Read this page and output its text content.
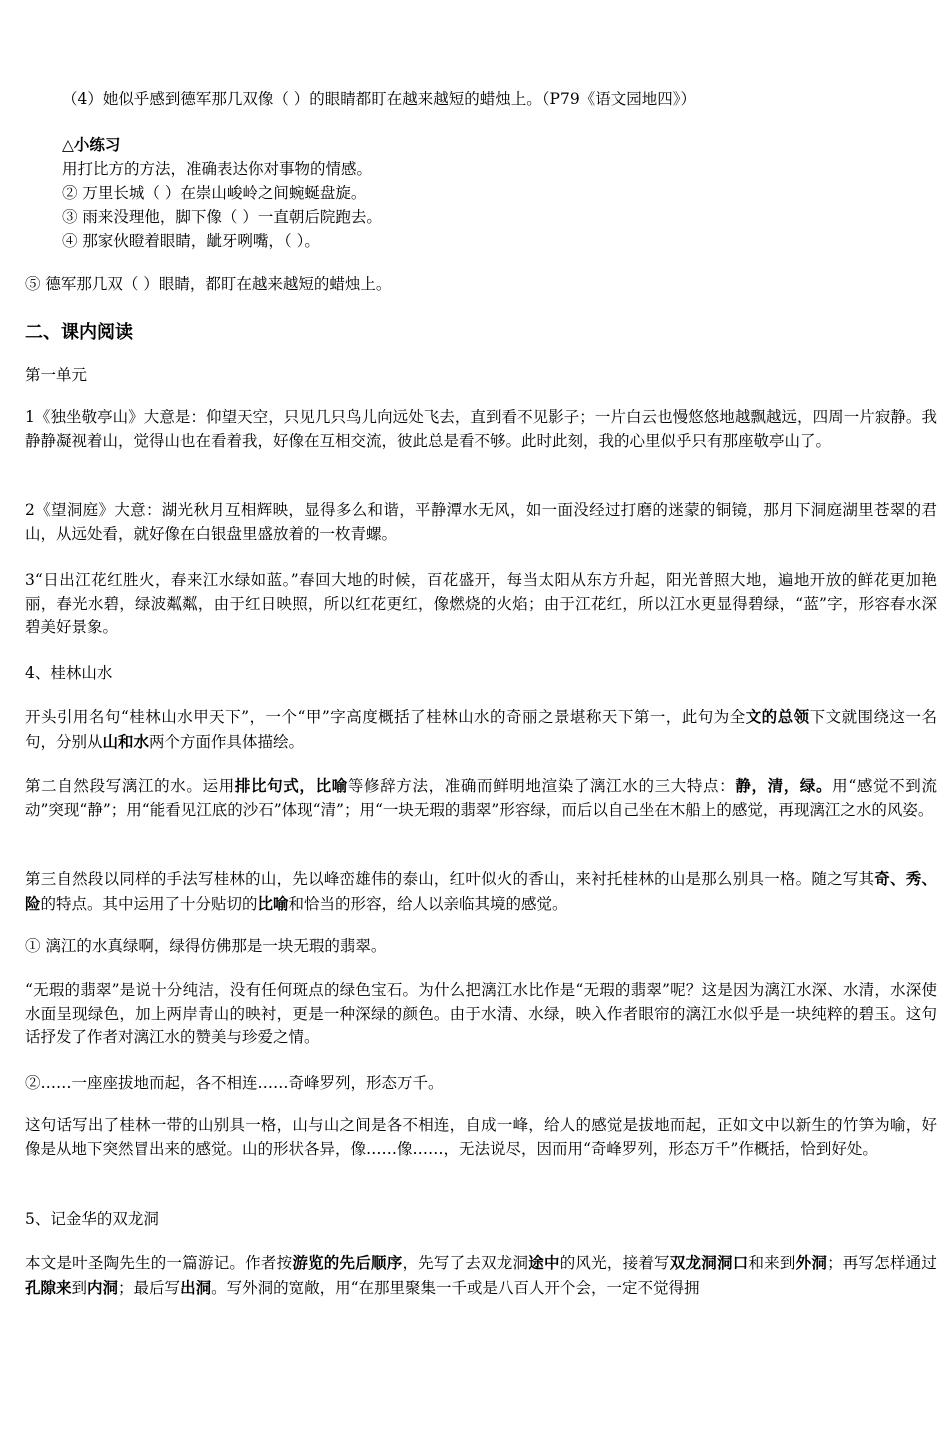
（4）她似乎感到德军那几双像（ ）的眼睛都盯在越来越短的蜡烛上。（P79《语文园地四》）
△小练习
用打比方的方法，准确表达你对事物的情感。
② 万里长城（ ）在崇山峻岭之间蜿蜒盘旋。
③ 雨来没理他，脚下像（ ）一直朝后院跑去。
④ 那家伙瞪着眼睛，龇牙咧嘴，（ ）。
⑤ 德军那几双（ ）眼睛，都盯在越来越短的蜡烛上。
二、课内阅读
第一单元
1《独坐敬亭山》大意是：仰望天空，只见几只鸟儿向远处飞去，直到看不见影子；一片白云也慢悠悠地越飘越远，四周一片寂静。我静静凝视着山，觉得山也在看着我，好像在互相交流，彼此总是看不够。此时此刻，我的心里似乎只有那座敬亭山了。
2《望洞庭》大意：湖光秋月互相辉映，显得多么和谐，平静潭水无风，如一面没经过打磨的迷蒙的铜镜，那月下洞庭湖里苍翠的君山，从远处看，就好像在白银盘里盛放着的一枚青螺。
3“日出江花红胜火，春来江水绿如蓝。”春回大地的时候，百花盛开，每当太阳从东方升起，阳光普照大地，遍地开放的鲜花更加艳丽，春光水碧，绿波粼粼，由于红日映照，所以红花更红，像燃烧的火焰；由于江花红，所以江水更显得碧绿，“蓝”字，形容春水深碧美好景象。
4、桂林山水
开头引用名句“桂林山水甲天下”，一个“甲”字高度概括了桂林山水的奇丽之景堪称天下第一，此句为全文的总领下文就围绕这一名句，分别从山和水两个方面作具体描绘。
第二自然段写漓江的水。运用排比句式，比喻等修辞方法，准确而鲜明地渲染了漓江水的三大特点：静，清，绿。用“感觉不到流动”突现“静”；用“能看见江底的沙石”体现“清”；用“一块无瑕的翡翠”形容绿，而后以自己坐在木船上的感觉，再现漓江之水的风姿。
第三自然段以同样的手法写桂林的山，先以峰峦雄伟的泰山，红叶似火的香山，来衬托桂林的山是那么别具一格。随之写其奇、秀、险的特点。其中运用了十分贴切的比喻和恰当的形容，给人以亲临其境的感觉。
① 漓江的水真绿啊，绿得仿佛那是一块无瑕的翡翠。
“无瑕的翡翠”是说十分纯洁，没有任何斑点的绿色宝石。为什么把漓江水比作是“无瑕的翡翠”呢？这是因为漓江水深、水清，水深使水面呈现绿色，加上两岸青山的映衬，更是一种深绿的颜色。由于水清、水绿，映入作者眼帘的漓江水似乎是一块纯粹的碧玉。这句话抒发了作者对漓江水的赞美与珍爱之情。
②……一座座拔地而起，各不相连……奇峰罗列，形态万千。
这句话写出了桂林一带的山别具一格，山与山之间是各不相连，自成一峰，给人的感觉是拔地而起，正如文中以新生的竹笋为喻，好像是从地下突然冒出来的感觉。山的形状各异，像……像……，无法说尽，因而用“奇峰罗列，形态万千”作概括，恰到好处。
5、记金华的双龙洞
本文是叶圣陶先生的一篇游记。作者按游览的先后顺序，先写了去双龙洞途中的风光，接着写双龙洞洞口和来到外洞；再写怎样通过孔隙来到内洞；最后写出洞。写外洞的宽敞，用“在那里聚集一千或是八百人开个会，一定不觉得拥
